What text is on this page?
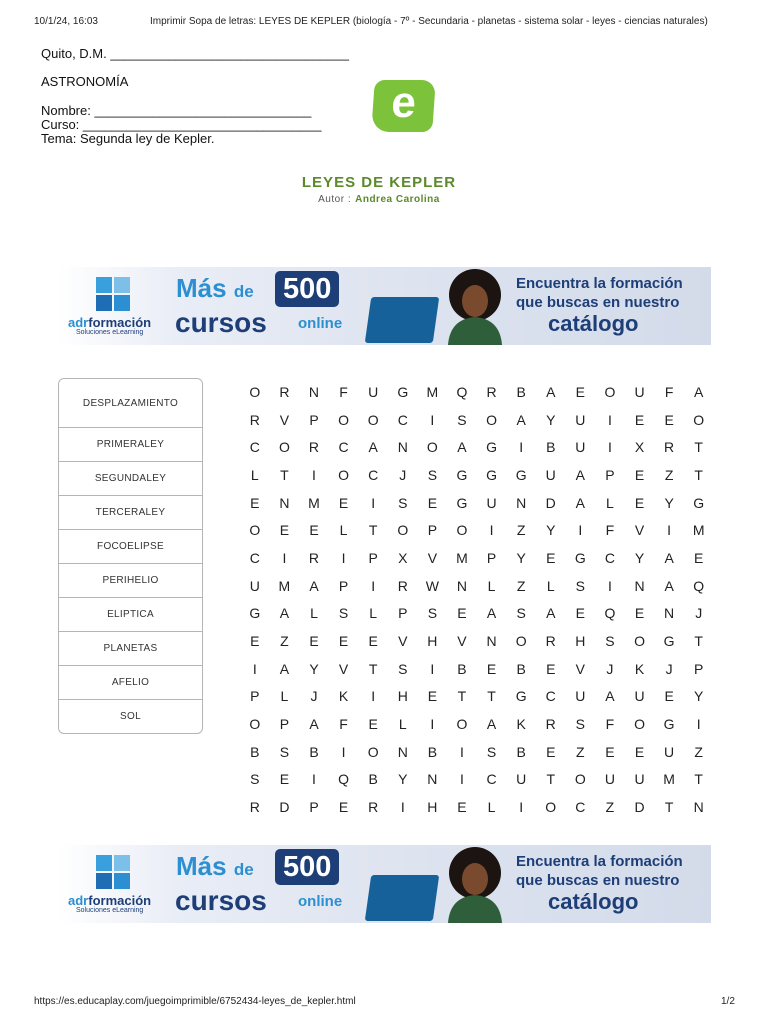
10/1/24, 16:03	Imprimir Sopa de letras: LEYES DE KEPLER (biología - 7º - Secundaria - planetas - sistema solar - leyes - ciencias naturales)
Quito, D.M. _________________________________
ASTRONOMÍA
Nombre: ______________________________
Curso: _________________________________
Tema: Segunda ley de Kepler.
e
LEYES DE KEPLER
Autor : Andrea Carolina
adrformación
Soluciones eLearning
Más de 500
cursos online
Encuentra la formación
que buscas en nuestro
catálogo
DESPLAZAMIENTO
PRIMERALEY
SEGUNDALEY
TERCERALEY
FOCOELIPSE
PERIHELIO
ELIPTICA
PLANETAS
AFELIO
SOL
O	R	N	F	U	G	M	Q	R	B	A	E	O	U	F	A
R	V	P	O	O	C	I	S	O	A	Y	U	I	E	E	O
C	O	R	C	A	N	O	A	G	I	B	U	I	X	R	T
L	T	I	O	C	J	S	G	G	G	U	A	P	E	Z	T
E	N	M	E	I	S	E	G	U	N	D	A	L	E	Y	G
O	E	E	L	T	O	P	O	I	Z	Y	I	F	V	I	M
C	I	R	I	P	X	V	M	P	Y	E	G	C	Y	A	E
U	M	A	P	I	R	W	N	L	Z	L	S	I	N	A	Q
G	A	L	S	L	P	S	E	A	S	A	E	Q	E	N	J
E	Z	E	E	E	V	H	V	N	O	R	H	S	O	G	T
I	A	Y	V	T	S	I	B	E	B	E	V	J	K	J	P
P	L	J	K	I	H	E	T	T	G	C	U	A	U	E	Y
O	P	A	F	E	L	I	O	A	K	R	S	F	O	G	I
B	S	B	I	O	N	B	I	S	B	E	Z	E	E	U	Z
S	E	I	Q	B	Y	N	I	C	U	T	O	U	U	M	T
R	D	P	E	R	I	H	E	L	I	O	C	Z	D	T	N
adrformación
Soluciones eLearning
Más de 500
cursos online
Encuentra la formación
que buscas en nuestro
catálogo
https://es.educaplay.com/juegoimprimible/6752434-leyes_de_kepler.html	1/2
